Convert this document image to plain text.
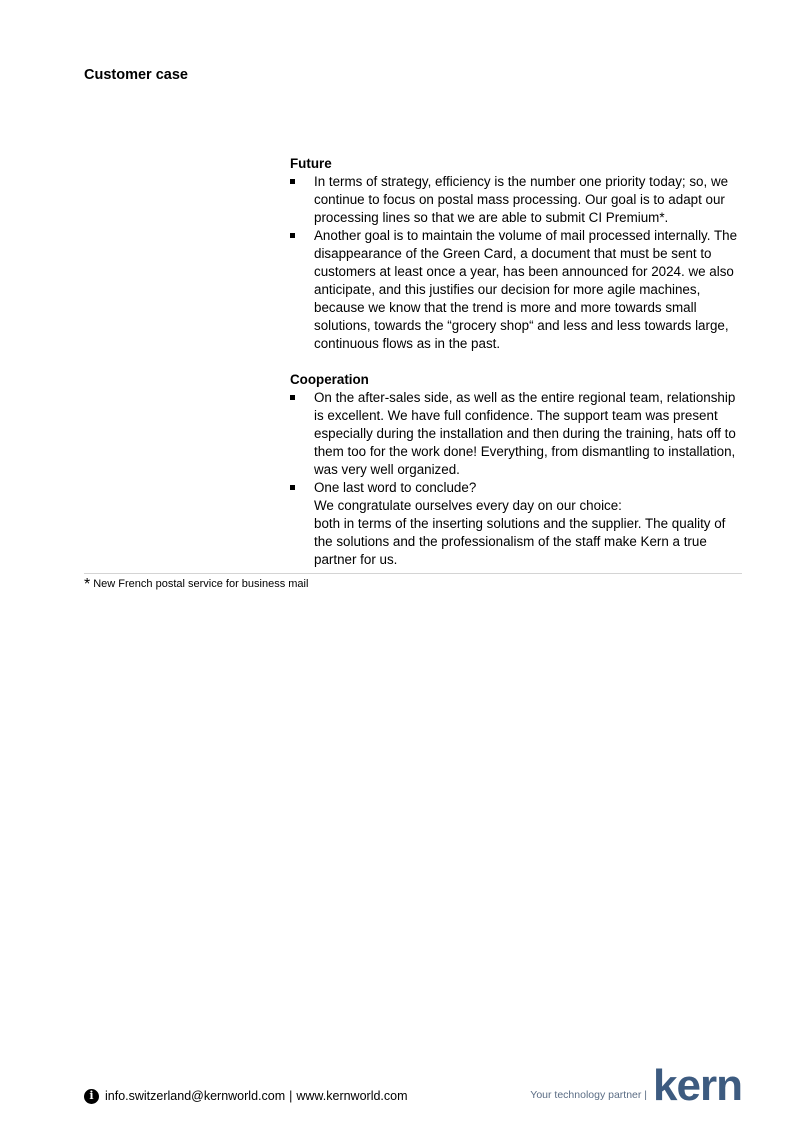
Customer case
Future
In terms of strategy, efficiency is the number one priority today; so, we continue to focus on postal mass processing. Our goal is to adapt our processing lines so that we are able to submit CI Premium*.
Another goal is to maintain the volume of mail processed internally. The disappearance of the Green Card, a document that must be sent to customers at least once a year, has been announced for 2024. we also anticipate, and this justifies our decision for more agile machines, because we know that the trend is more and more towards small solutions, towards the “grocery shop“ and less and less towards large, continuous flows as in the past.
Cooperation
On the after-sales side, as well as the entire regional team, relationship is excellent. We have full confidence. The support team was present especially during the installation and then during the training, hats off to them too for the work done! Everything, from dismantling to installation, was very well organized.
One last word to conclude?
We congratulate ourselves every day on our choice:
both in terms of the inserting solutions and the supplier. The quality of the solutions and the professionalism of the staff make Kern a true partner for us.
* New French postal service for business mail
i info.switzerland@kernworld.com | www.kernworld.com	Your technology partner | kern
